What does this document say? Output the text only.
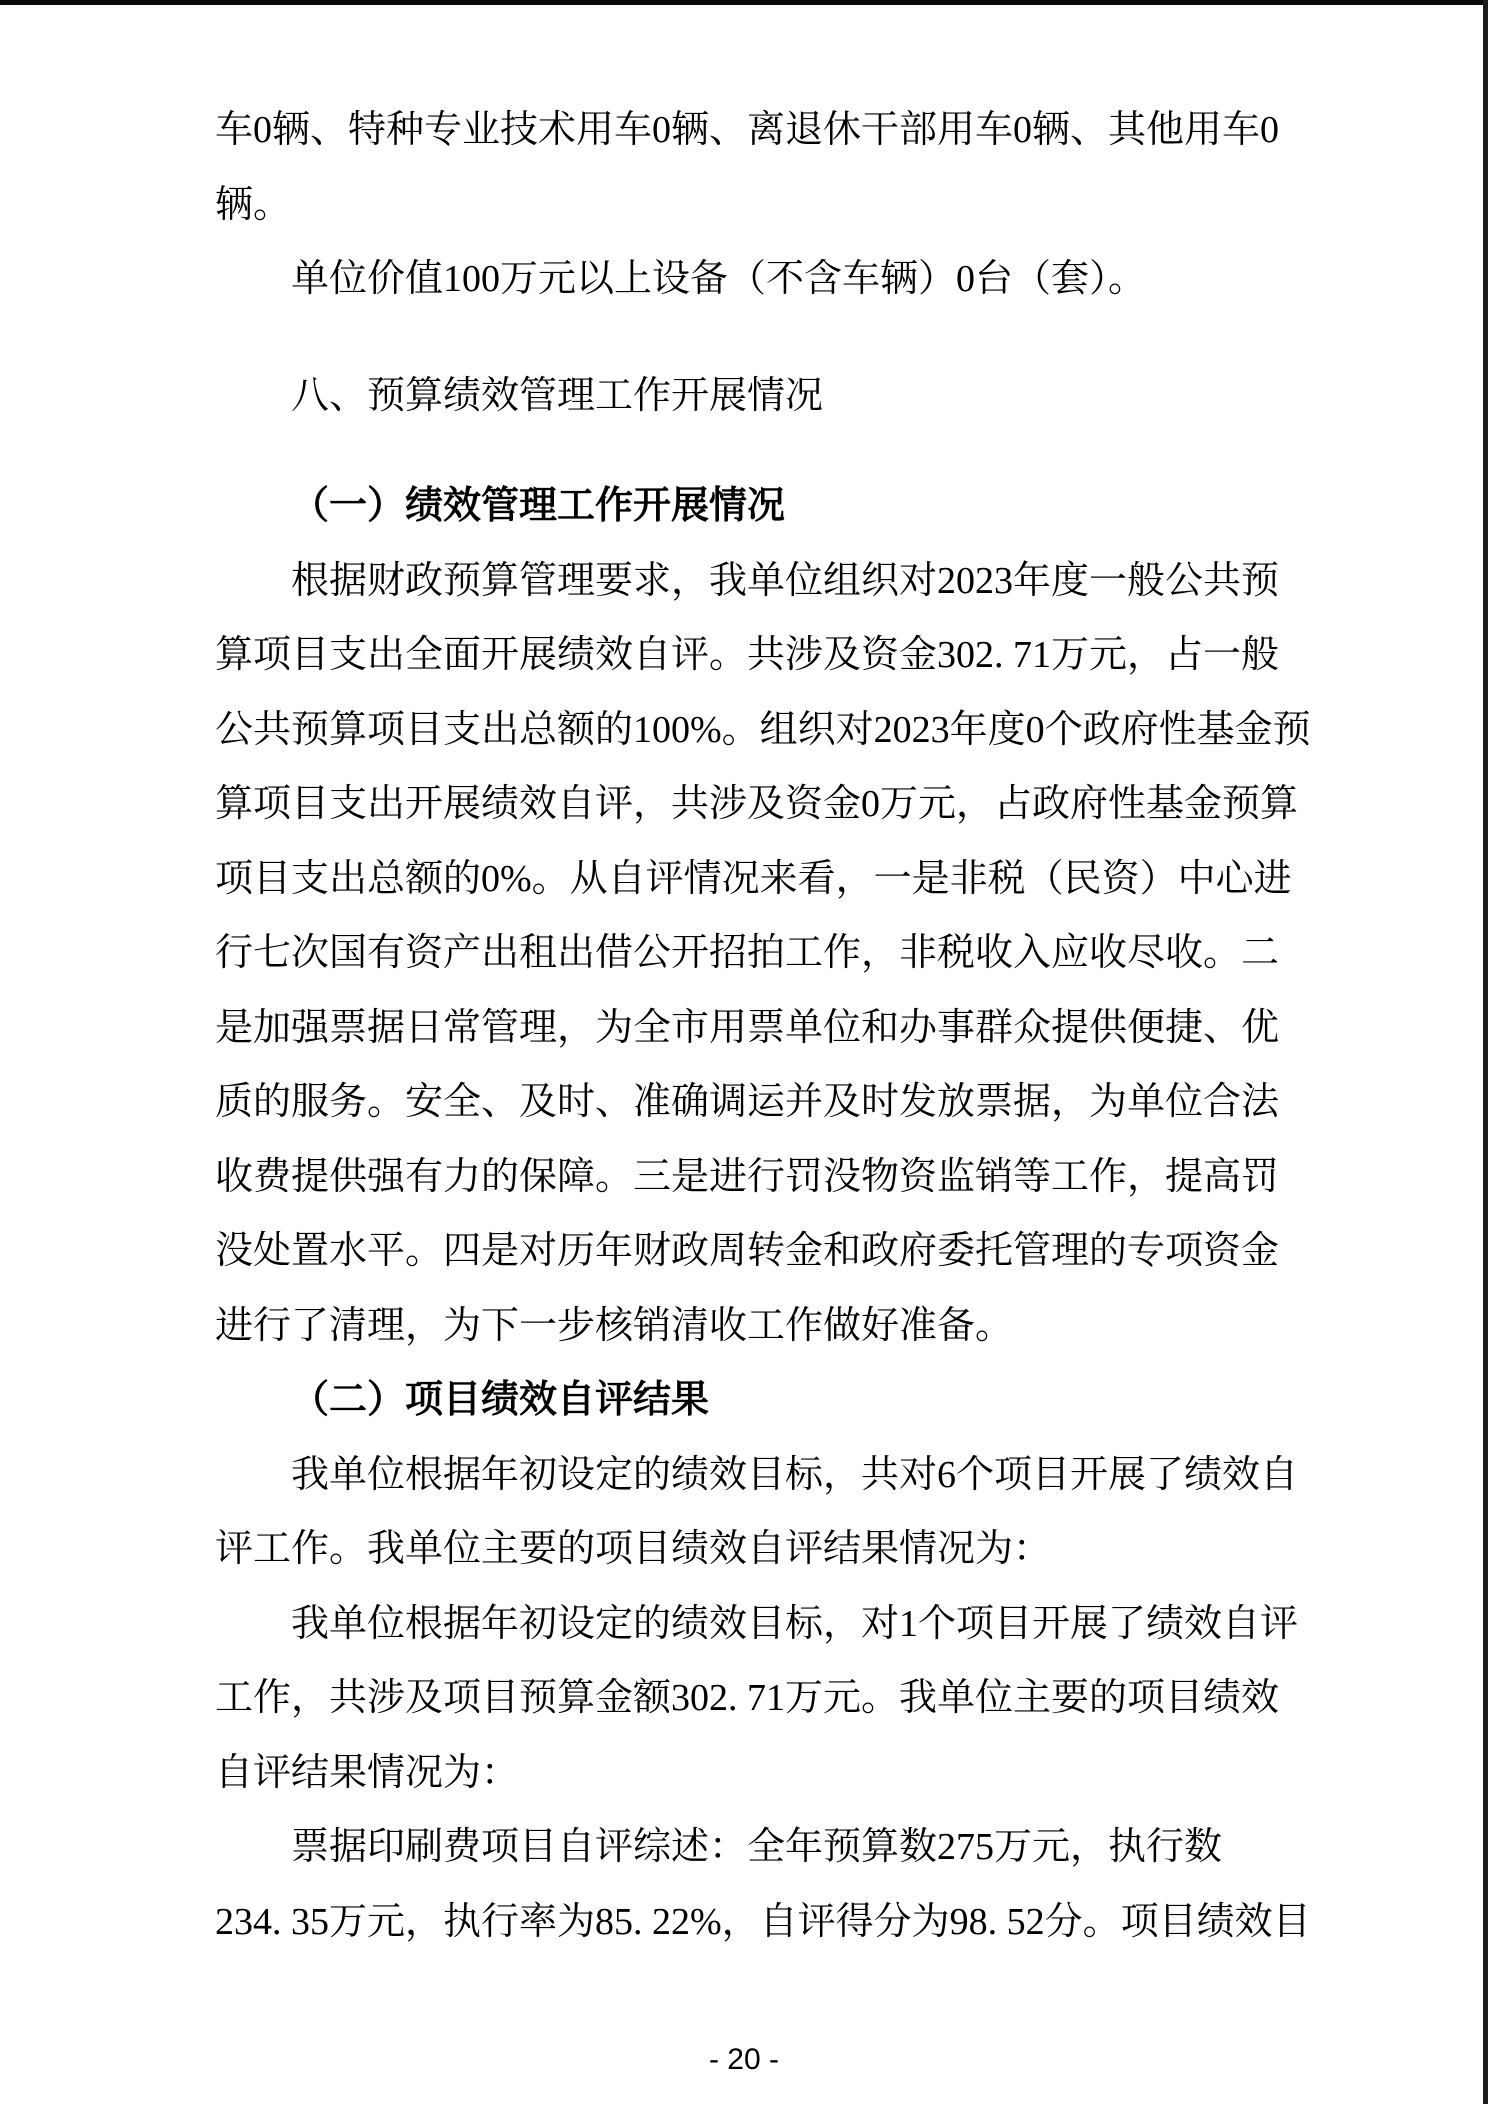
车0辆、特种专业技术用车0辆、离退休干部用车0辆、其他用车0
辆。
单位价值100万元以上设备（不含车辆）0台（套）。
八、预算绩效管理工作开展情况
（一）绩效管理工作开展情况
根据财政预算管理要求，我单位组织对2023年度一般公共预
算项目支出全面开展绩效自评。共涉及资金302. 71万元，占一般
公共预算项目支出总额的100%。组织对2023年度0个政府性基金预
算项目支出开展绩效自评，共涉及资金0万元，占政府性基金预算
项目支出总额的0%。从自评情况来看，一是非税（民资）中心进
行七次国有资产出租出借公开招拍工作，非税收入应收尽收。二
是加强票据日常管理，为全市用票单位和办事群众提供便捷、优
质的服务。安全、及时、准确调运并及时发放票据，为单位合法
收费提供强有力的保障。三是进行罚没物资监销等工作，提高罚
没处置水平。四是对历年财政周转金和政府委托管理的专项资金
进行了清理，为下一步核销清收工作做好准备。
（二）项目绩效自评结果
我单位根据年初设定的绩效目标，共对6个项目开展了绩效自
评工作。我单位主要的项目绩效自评结果情况为：
我单位根据年初设定的绩效目标，对1个项目开展了绩效自评
工作，共涉及项目预算金额302. 71万元。我单位主要的项目绩效
自评结果情况为：
票据印刷费项目自评综述：全年预算数275万元，执行数
234. 35万元，执行率为85. 22%，自评得分为98. 52分。项目绩效目
- 20 -
